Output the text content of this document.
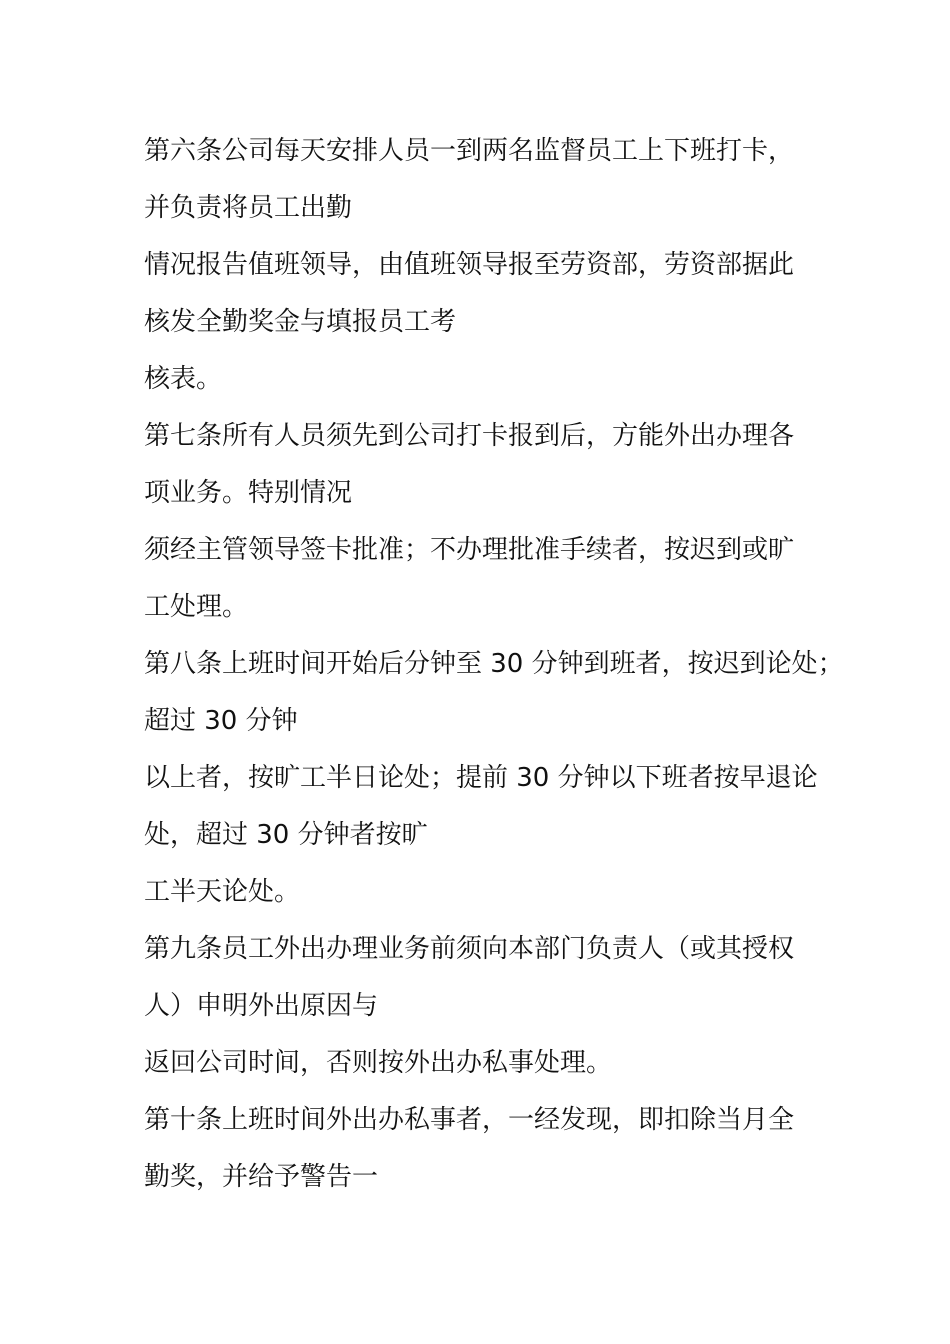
第六条公司每天安排人员一到两名监督员工上下班打卡，

并负责将员工出勤

情况报告值班领导，由值班领导报至劳资部，劳资部据此

核发全勤奖金与填报员工考

核表。

第七条所有人员须先到公司打卡报到后，方能外出办理各

项业务。特别情况

须经主管领导签卡批准；不办理批准手续者，按迟到或旷

工处理。

第八条上班时间开始后分钟至 30 分钟到班者，按迟到论处；

超过 30 分钟

以上者，按旷工半日论处；提前 30 分钟以下班者按早退论

处，超过 30 分钟者按旷

工半天论处。

第九条员工外出办理业务前须向本部门负责人（或其授权

人）申明外出原因与

返回公司时间，否则按外出办私事处理。

第十条上班时间外出办私事者，一经发现，即扣除当月全

勤奖，并给予警告一
